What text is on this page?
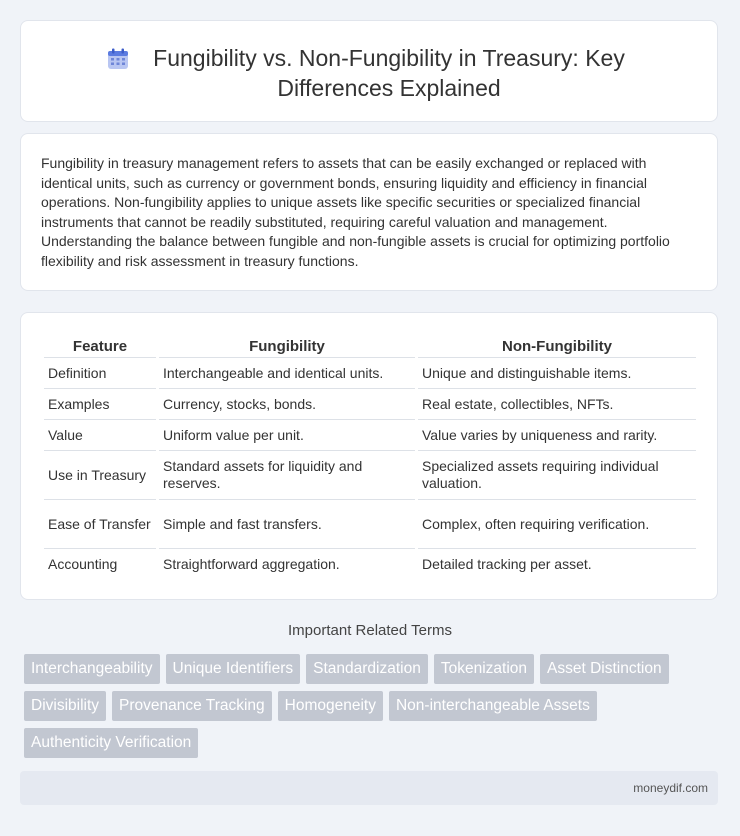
Fungibility vs. Non-Fungibility in Treasury: Key Differences Explained
Fungibility in treasury management refers to assets that can be easily exchanged or replaced with identical units, such as currency or government bonds, ensuring liquidity and efficiency in financial operations. Non-fungibility applies to unique assets like specific securities or specialized financial instruments that cannot be readily substituted, requiring careful valuation and management. Understanding the balance between fungible and non-fungible assets is crucial for optimizing portfolio flexibility and risk assessment in treasury functions.
Feature	Fungibility	Non-Fungibility
Definition	Interchangeable and identical units.	Unique and distinguishable items.
Examples	Currency, stocks, bonds.	Real estate, collectibles, NFTs.
Value	Uniform value per unit.	Value varies by uniqueness and rarity.
Use in Treasury	Standard assets for liquidity and reserves.	Specialized assets requiring individual valuation.
Ease of Transfer	Simple and fast transfers.	Complex, often requiring verification.
Accounting	Straightforward aggregation.	Detailed tracking per asset.
Important Related Terms
Interchangeability	Unique Identifiers	Standardization	Tokenization	Asset Distinction
Divisibility	Provenance Tracking	Homogeneity	Non-interchangeable Assets
Authenticity Verification
moneydif.com
